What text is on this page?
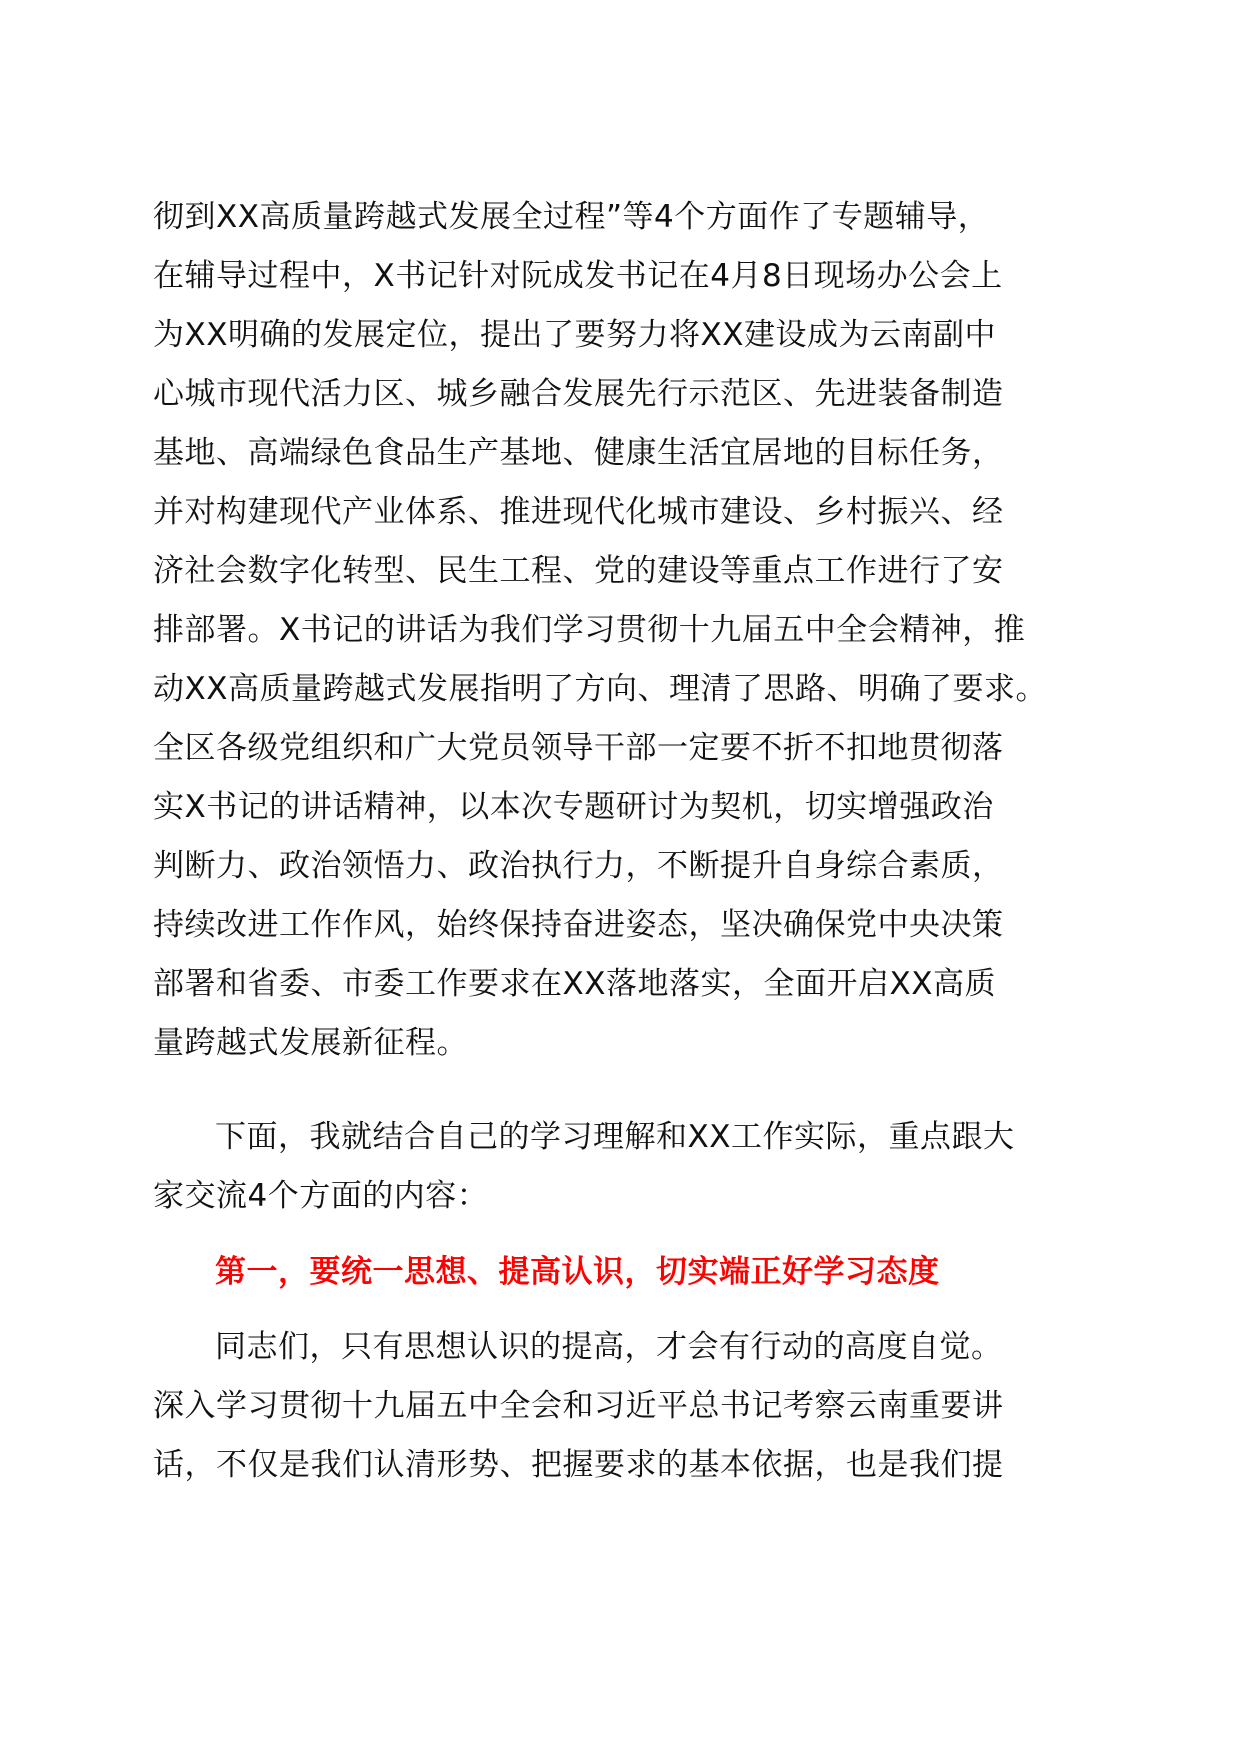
彻到XX高质量跨越式发展全过程”等4个方面作了专题辅导，
在辅导过程中，X书记针对阮成发书记在4月8日现场办公会上
为XX明确的发展定位，提出了要努力将XX建设成为云南副中
心城市现代活力区、城乡融合发展先行示范区、先进装备制造
基地、高端绿色食品生产基地、健康生活宜居地的目标任务，
并对构建现代产业体系、推进现代化城市建设、乡村振兴、经
济社会数字化转型、民生工程、党的建设等重点工作进行了安
排部署。X书记的讲话为我们学习贯彻十九届五中全会精神，推
动XX高质量跨越式发展指明了方向、理清了思路、明确了要求。
全区各级党组织和广大党员领导干部一定要不折不扣地贯彻落
实X书记的讲话精神，以本次专题研讨为契机，切实增强政治
判断力、政治领悟力、政治执行力，不断提升自身综合素质，
持续改进工作作风，始终保持奋进姿态，坚决确保党中央决策
部署和省委、市委工作要求在XX落地落实，全面开启XX高质
量跨越式发展新征程。
下面，我就结合自己的学习理解和XX工作实际，重点跟大
家交流4个方面的内容：
第一，要统一思想、提高认识，切实端正好学习态度
同志们，只有思想认识的提高，才会有行动的高度自觉。
深入学习贯彻十九届五中全会和习近平总书记考察云南重要讲
话，不仅是我们认清形势、把握要求的基本依据，也是我们提
